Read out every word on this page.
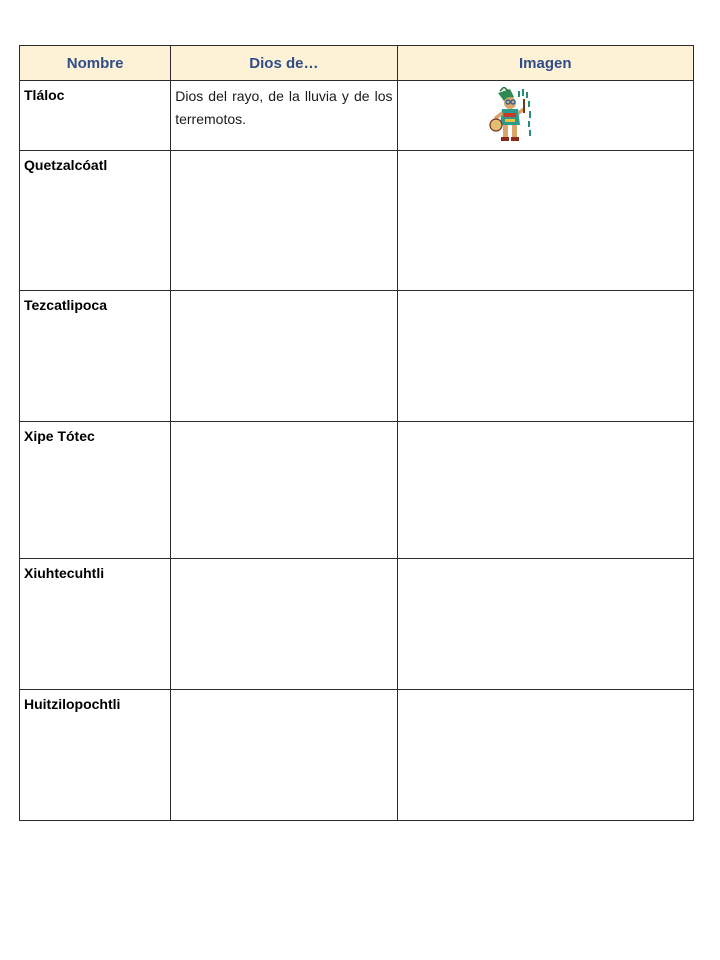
Nombre	Dios de…	Imagen

Tláloc	Dios del rayo, de la lluvia y de los terremotos.

Quetzalcóatl		

Tezcatlipoca		

Xipe Tótec		

Xiuhtecuhtli		

Huitzilopochtli		
